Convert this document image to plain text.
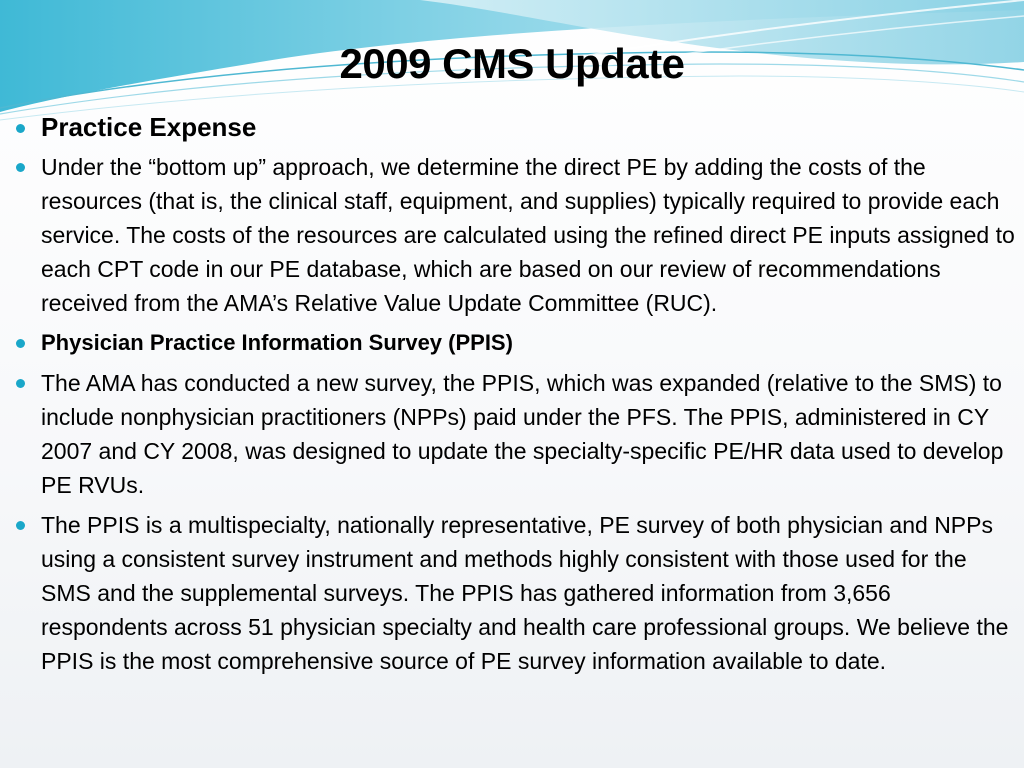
2009 CMS Update
Practice Expense
Under the “bottom up” approach, we determine the direct PE by adding the costs of the resources (that is, the clinical staff, equipment, and supplies) typically required to provide each service. The costs of the resources are calculated using the refined direct PE inputs assigned to each CPT code in our PE database, which are based on our review of recommendations received from the AMA’s Relative Value Update Committee (RUC).
Physician Practice Information Survey (PPIS)
The AMA has conducted a new survey, the PPIS, which was expanded (relative to the SMS) to include nonphysician practitioners (NPPs) paid under the PFS. The PPIS, administered in CY 2007 and CY 2008, was designed to update the specialty-specific PE/HR data used to develop PE RVUs.
The PPIS is a multispecialty, nationally representative, PE survey of both physician and NPPs using a consistent survey instrument and methods highly consistent with those used for the SMS and the supplemental surveys. The PPIS has gathered information from 3,656 respondents across 51 physician specialty and health care professional groups. We believe the PPIS is the most comprehensive source of PE survey information available to date.
